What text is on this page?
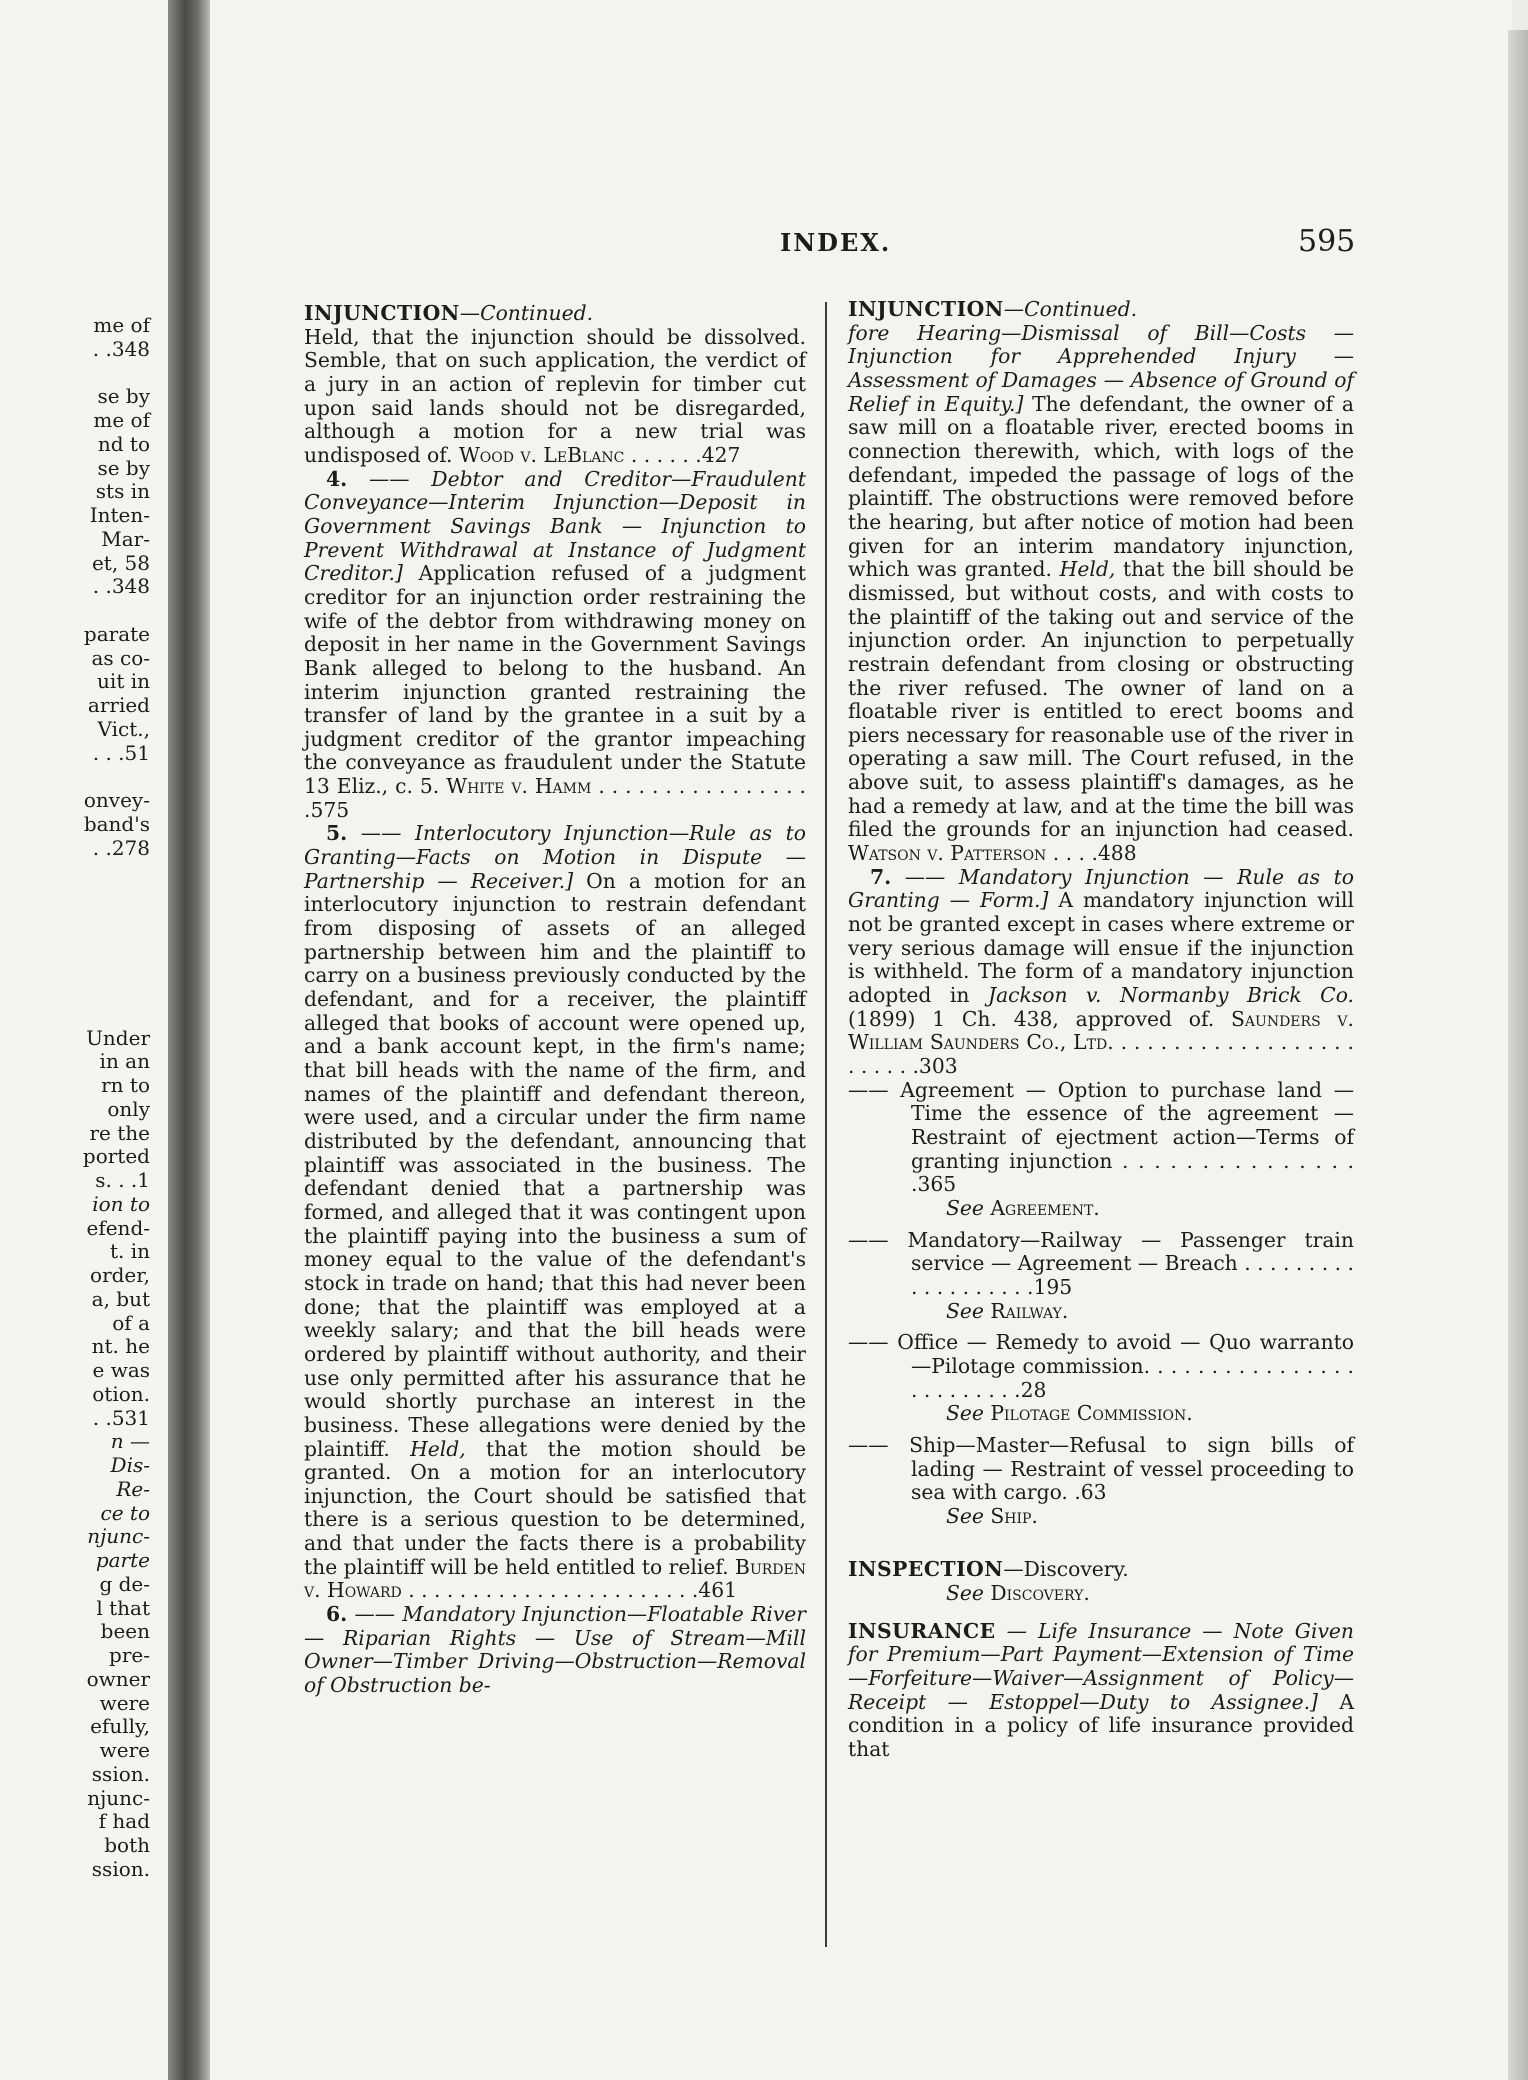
INDEX.	595

INJUNCTION—Continued.

Held, that the injunction should be dissolved. Semble, that on such application, the verdict of a jury in an action of replevin for timber cut upon said lands should not be disregarded, although a motion for a new trial was undisposed of. Wood v. LeBlanc . . . . . .427

4. —— Debtor and Creditor—Fraudulent Conveyance—Interim Injunction—Deposit in Government Savings Bank — Injunction to Prevent Withdrawal at Instance of Judgment Creditor.] Application refused of a judgment creditor for an injunction order restraining the wife of the debtor from withdrawing money on deposit in her name in the Government Savings Bank alleged to belong to the husband. An interim injunction granted restraining the transfer of land by the grantee in a suit by a judgment creditor of the grantor impeaching the conveyance as fraudulent under the Statute 13 Eliz., c. 5. White v. Hamm . . . . . . . . . . . . . . . . .575

5. —— Interlocutory Injunction—Rule as to Granting—Facts on Motion in Dispute — Partnership — Receiver.] On a motion for an interlocutory injunction to restrain defendant from disposing of assets of an alleged partnership between him and the plaintiff to carry on a business previously conducted by the defendant, and for a receiver, the plaintiff alleged that books of account were opened up, and a bank account kept, in the firm's name; that bill heads with the name of the firm, and names of the plaintiff and defendant thereon, were used, and a circular under the firm name distributed by the defendant, announcing that plaintiff was associated in the business. The defendant denied that a partnership was formed, and alleged that it was contingent upon the plaintiff paying into the business a sum of money equal to the value of the defendant's stock in trade on hand; that this had never been done; that the plaintiff was employed at a weekly salary; and that the bill heads were ordered by plaintiff without authority, and their use only permitted after his assurance that he would shortly purchase an interest in the business. These allegations were denied by the plaintiff. Held, that the motion should be granted. On a motion for an interlocutory injunction, the Court should be satisfied that there is a serious question to be determined, and that under the facts there is a probability the plaintiff will be held entitled to relief. Burden v. Howard . . . . . . . . . . . . . . . . . . . . . . .461

6. —— Mandatory Injunction—Floatable River — Riparian Rights — Use of Stream—Mill Owner—Timber Driving—Obstruction—Removal of Obstruction be-

INJUNCTION—Continued.

fore Hearing—Dismissal of Bill—Costs — Injunction for Apprehended Injury — Assessment of Damages — Absence of Ground of Relief in Equity.] The defendant, the owner of a saw mill on a floatable river, erected booms in connection therewith, which, with logs of the defendant, impeded the passage of logs of the plaintiff. The obstructions were removed before the hearing, but after notice of motion had been given for an interim mandatory injunction, which was granted. Held, that the bill should be dismissed, but without costs, and with costs to the plaintiff of the taking out and service of the injunction order. An injunction to perpetually restrain defendant from closing or obstructing the river refused. The owner of land on a floatable river is entitled to erect booms and piers necessary for reasonable use of the river in operating a saw mill. The Court refused, in the above suit, to assess plaintiff's damages, as he had a remedy at law, and at the time the bill was filed the grounds for an injunction had ceased. Watson v. Patterson . . . .488

7. —— Mandatory Injunction — Rule as to Granting — Form.] A mandatory injunction will not be granted except in cases where extreme or very serious damage will ensue if the injunction is withheld. The form of a mandatory injunction adopted in Jackson v. Normanby Brick Co. (1899) 1 Ch. 438, approved of. Saunders v. William Saunders Co., Ltd. . . . . . . . . . . . . . . . . . . . . . . . .303

—— Agreement — Option to purchase land — Time the essence of the agreement — Restraint of ejectment action—Terms of granting injunction . . . . . . . . . . . . . . . .365

See Agreement.

—— Mandatory—Railway — Passenger train service — Agreement — Breach . . . . . . . . . . . . . . . . . . .195

See Railway.

—— Office — Remedy to avoid — Quo warranto—Pilotage commission. . . . . . . . . . . . . . . . . . . . . . . . .28

See Pilotage Commission.

—— Ship—Master—Refusal to sign bills of lading — Restraint of vessel proceeding to sea with cargo. .63

See Ship.

INSPECTION—Discovery.

See Discovery.

INSURANCE — Life Insurance — Note Given for Premium—Part Payment—Extension of Time—Forfeiture—Waiver—Assignment of Policy—Receipt — Estoppel—Duty to Assignee.] A condition in a policy of life insurance provided that

me of
. .348
se by
me of
nd to
se by
sts in
Inten-
Mar-
et, 58
. .348
parate
as co-
uit in
arried
Vict.,
. . .51
onvey-
band's
. .278
Under
in an
rn to
only
re the
ported
s. . .1
ion to
efend-
t. in
order,
a, but
of a
nt. he
e was
otion.
. .531
n —
Dis-
Re-
ce to
njunc-
parte
g de-
l that
been
pre-
owner
were
efully,
were
ssion.
njunc-
f had
both
ssion.
